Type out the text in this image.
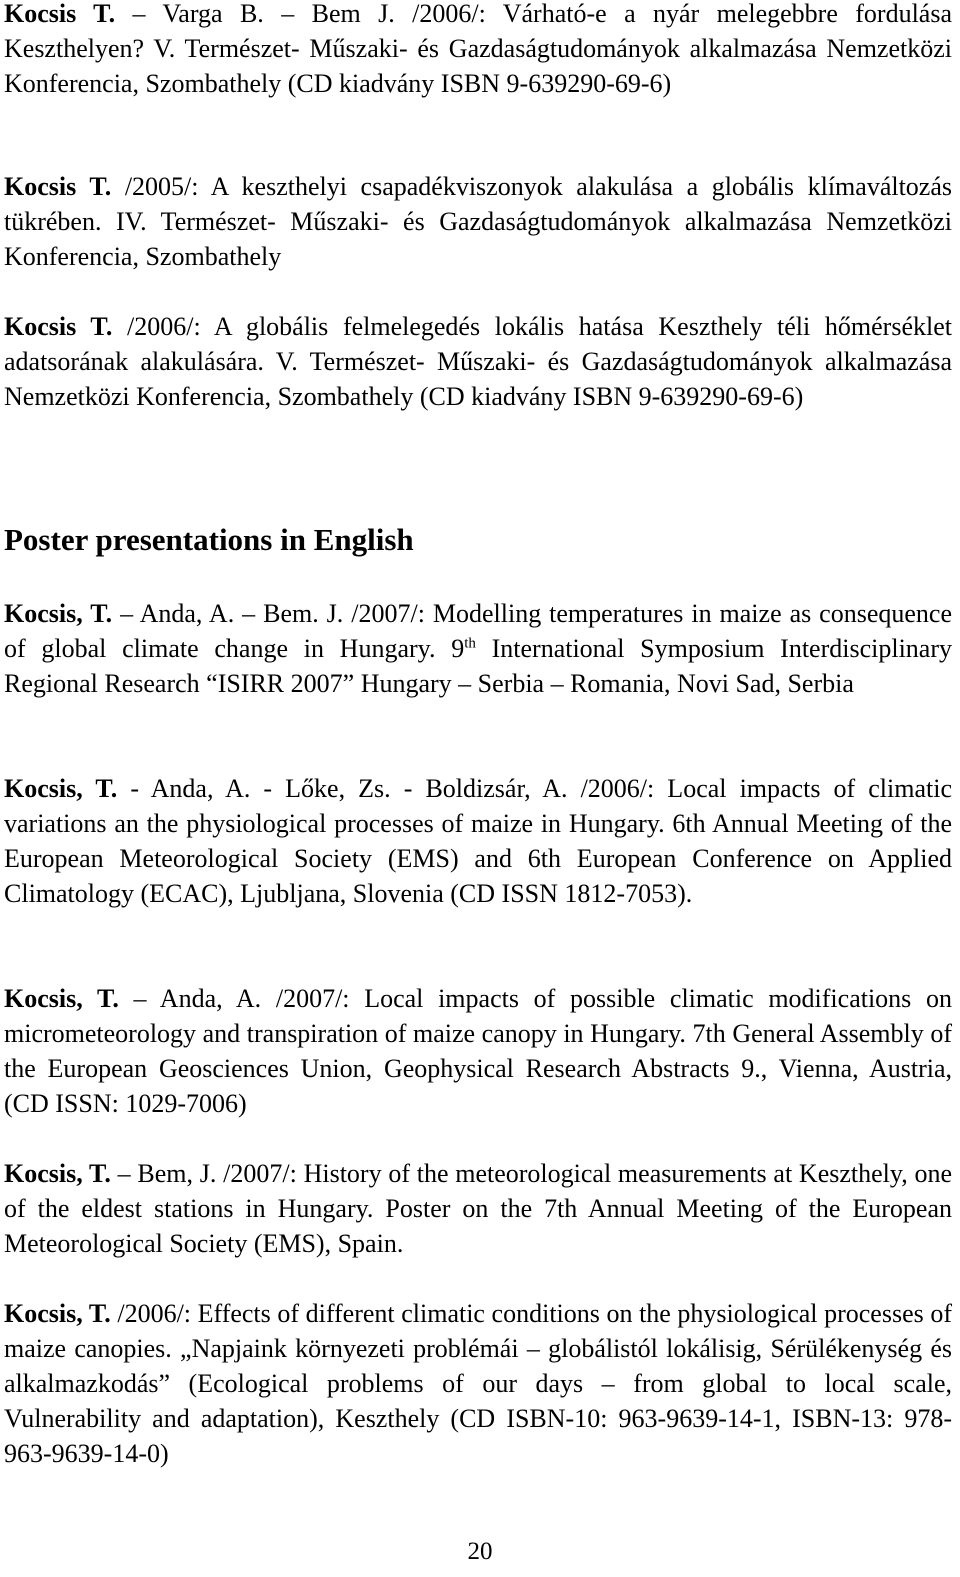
Kocsis T. – Varga B. – Bem J. /2006/: Várható-e a nyár melegebbre fordulása Keszthelyen? V. Természet- Műszaki- és Gazdaságtudományok alkalmazása Nemzetközi Konferencia, Szombathely (CD kiadvány ISBN 9-639290-69-6)

Kocsis T. /2005/: A keszthelyi csapadékviszonyok alakulása a globális klímaváltozás tükrében. IV. Természet- Műszaki- és Gazdaságtudományok alkalmazása Nemzetközi Konferencia, Szombathely

Kocsis T. /2006/: A globális felmelegedés lokális hatása Keszthely téli hőmérséklet adatsorának alakulására. V. Természet- Műszaki- és Gazdaságtudományok alkalmazása Nemzetközi Konferencia, Szombathely (CD kiadvány ISBN 9-639290-69-6)

Poster presentations in English

Kocsis, T. – Anda, A. – Bem. J. /2007/: Modelling temperatures in maize as consequence of global climate change in Hungary. 9th International Symposium Interdisciplinary Regional Research “ISIRR 2007” Hungary – Serbia – Romania, Novi Sad, Serbia

Kocsis, T. - Anda, A. - Lőke, Zs. - Boldizsár, A. /2006/: Local impacts of climatic variations an the physiological processes of maize in Hungary. 6th Annual Meeting of the European Meteorological Society (EMS) and 6th European Conference on Applied Climatology (ECAC), Ljubljana, Slovenia (CD ISSN 1812-7053).

Kocsis, T. – Anda, A. /2007/: Local impacts of possible climatic modifications on micrometeorology and transpiration of maize canopy in Hungary. 7th General Assembly of the European Geosciences Union, Geophysical Research Abstracts 9., Vienna, Austria, (CD ISSN: 1029-7006)

Kocsis, T. – Bem, J. /2007/: History of the meteorological measurements at Keszthely, one of the eldest stations in Hungary. Poster on the 7th Annual Meeting of the European Meteorological Society (EMS), Spain.

Kocsis, T. /2006/: Effects of different climatic conditions on the physiological processes of maize canopies. „Napjaink környezeti problémái – globálistól lokálisig, Sérülékenység és alkalmazkodás” (Ecological problems of our days – from global to local scale, Vulnerability and adaptation), Keszthely (CD ISBN-10: 963-9639-14-1, ISBN-13: 978-963-9639-14-0)

20
